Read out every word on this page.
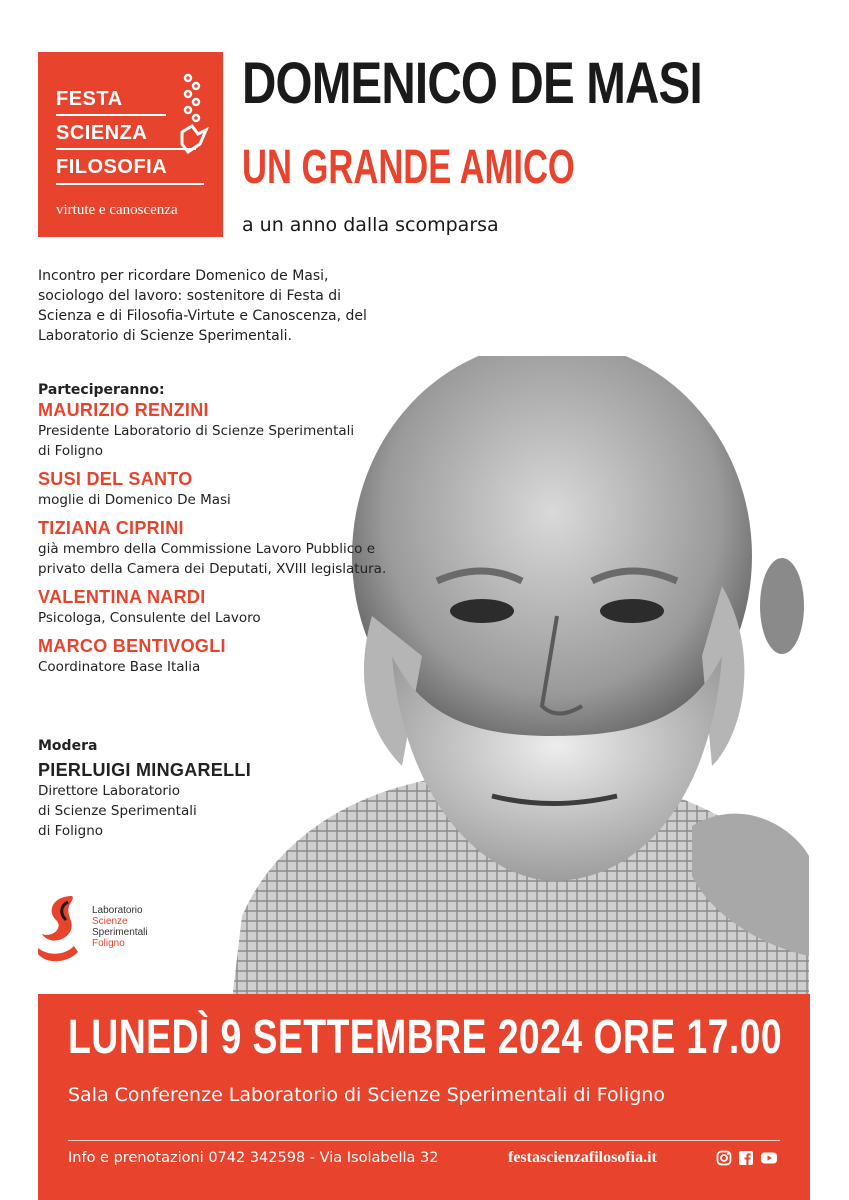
FESTA
SCIENZA
FILOSOFIA
virtute e canoscenza
DOMENICO DE MASI
UN GRANDE AMICO
a un anno dalla scomparsa
Incontro per ricordare Domenico de Masi, sociologo del lavoro: sostenitore di Festa di Scienza e di Filosofia-Virtute e Canoscenza, del Laboratorio di Scienze Sperimentali.
Parteciperanno:
MAURIZIO RENZINI
Presidente Laboratorio di Scienze Sperimentali
di Foligno
SUSI DEL SANTO
moglie di Domenico De Masi
TIZIANA CIPRINI
già membro della Commissione Lavoro Pubblico e
privato della Camera dei Deputati, XVIII legislatura.
VALENTINA NARDI
Psicologa, Consulente del Lavoro
MARCO BENTIVOGLI
Coordinatore Base Italia
Modera
PIERLUIGI MINGARELLI
Direttore Laboratorio
di Scienze Sperimentali
di Foligno
Laboratorio
Scienze
Sperimentali
Foligno
LUNEDÌ 9 SETTEMBRE 2024 ORE 17.00
Sala Conferenze Laboratorio di Scienze Sperimentali di Foligno
Info e prenotazioni 0742 342598 - Via Isolabella 32	festascienzafilosofia.it
